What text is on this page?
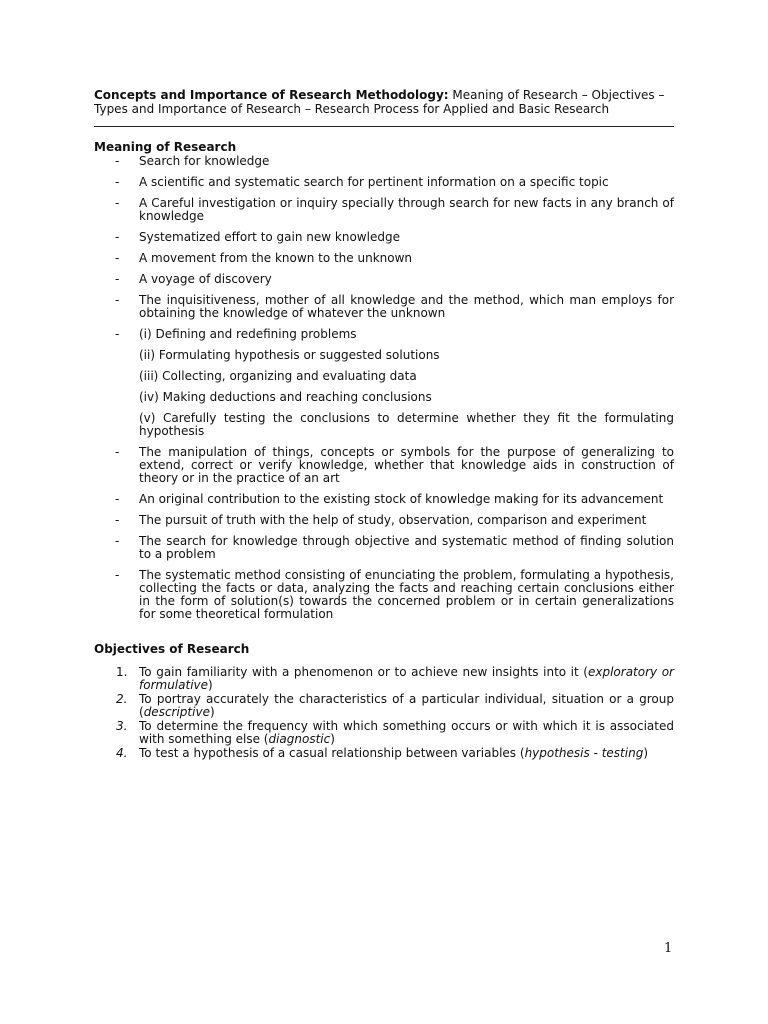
Concepts and Importance of Research Methodology: Meaning of Research – Objectives – Types and Importance of Research – Research Process for Applied and Basic Research
Meaning of Research
- Search for knowledge
- A scientific and systematic search for pertinent information on a specific topic
- A Careful investigation or inquiry specially through search for new facts in any branch of knowledge
- Systematized effort to gain new knowledge
- A movement from the known to the unknown
- A voyage of discovery
- The inquisitiveness, mother of all knowledge and the method, which man employs for obtaining the knowledge of whatever the unknown
- (i) Defining and redefining problems
(ii) Formulating hypothesis or suggested solutions
(iii) Collecting, organizing and evaluating data
(iv) Making deductions and reaching conclusions
(v) Carefully testing the conclusions to determine whether they fit the formulating hypothesis
- The manipulation of things, concepts or symbols for the purpose of generalizing to extend, correct or verify knowledge, whether that knowledge aids in construction of theory or in the practice of an art
- An original contribution to the existing stock of knowledge making for its advancement
- The pursuit of truth with the help of study, observation, comparison and experiment
- The search for knowledge through objective and systematic method of finding solution to a problem
- The systematic method consisting of enunciating the problem, formulating a hypothesis, collecting the facts or data, analyzing the facts and reaching certain conclusions either in the form of solution(s) towards the concerned problem or in certain generalizations for some theoretical formulation
Objectives of Research
1. To gain familiarity with a phenomenon or to achieve new insights into it (exploratory or formulative)
2. To portray accurately the characteristics of a particular individual, situation or a group (descriptive)
3. To determine the frequency with which something occurs or with which it is associated with something else (diagnostic)
4. To test a hypothesis of a casual relationship between variables (hypothesis - testing)
1
